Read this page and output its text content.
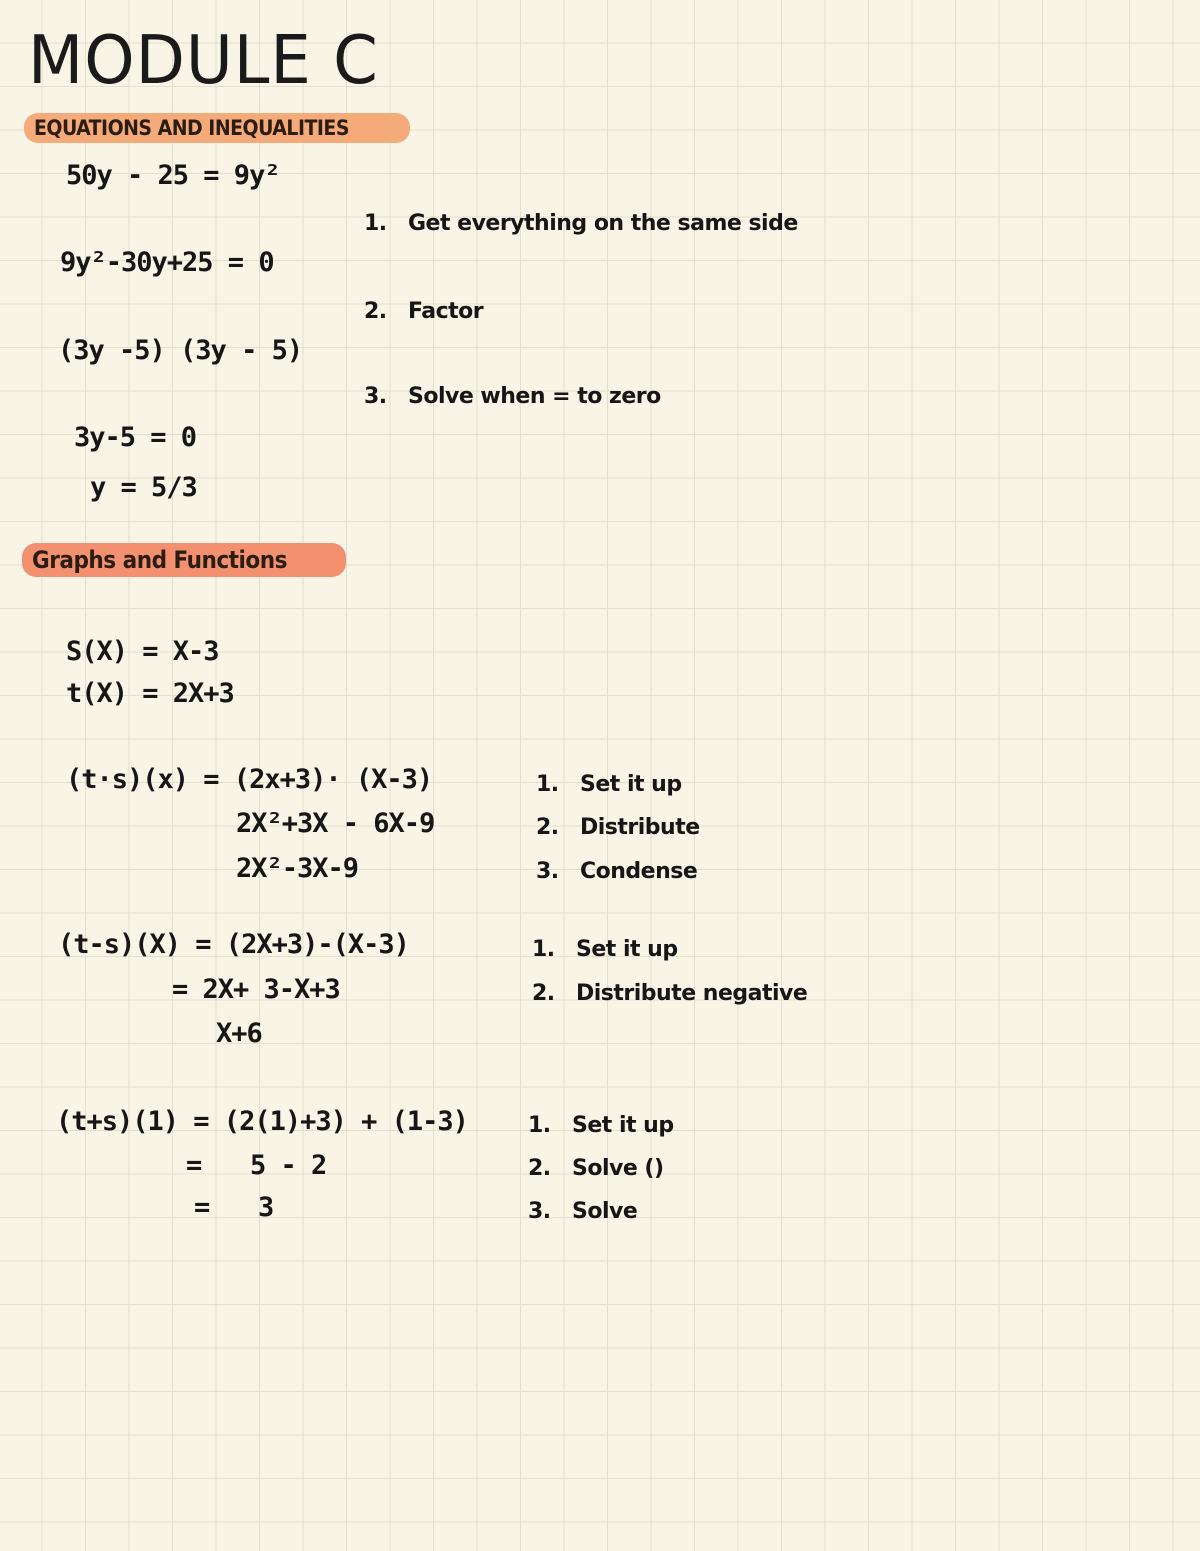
MODULE C
EQUATIONS AND INEQUALITIES
50y - 25 = 9y²
9y²-30y+25 = 0
(3y -5) (3y - 5)
3y-5 = 0
y = 5/3
1. Get everything on the same side
2. Factor
3. Solve when = to zero
Graphs and Functions
S(X) = X-3
t(X) = 2X+3
(t·s)(x) = (2x+3)· (X-3)
2X²+3X - 6X-9
2X²-3X-9
1. Set it up
2. Distribute
3. Condense
(t-s)(X) = (2X+3)-(X-3)
= 2X+ 3-X+3
X+6
1. Set it up
2. Distribute negative
(t+s)(1) = (2(1)+3) + (1-3)
= 5 - 2
= 3
1. Set it up
2. Solve ()
3. Solve
